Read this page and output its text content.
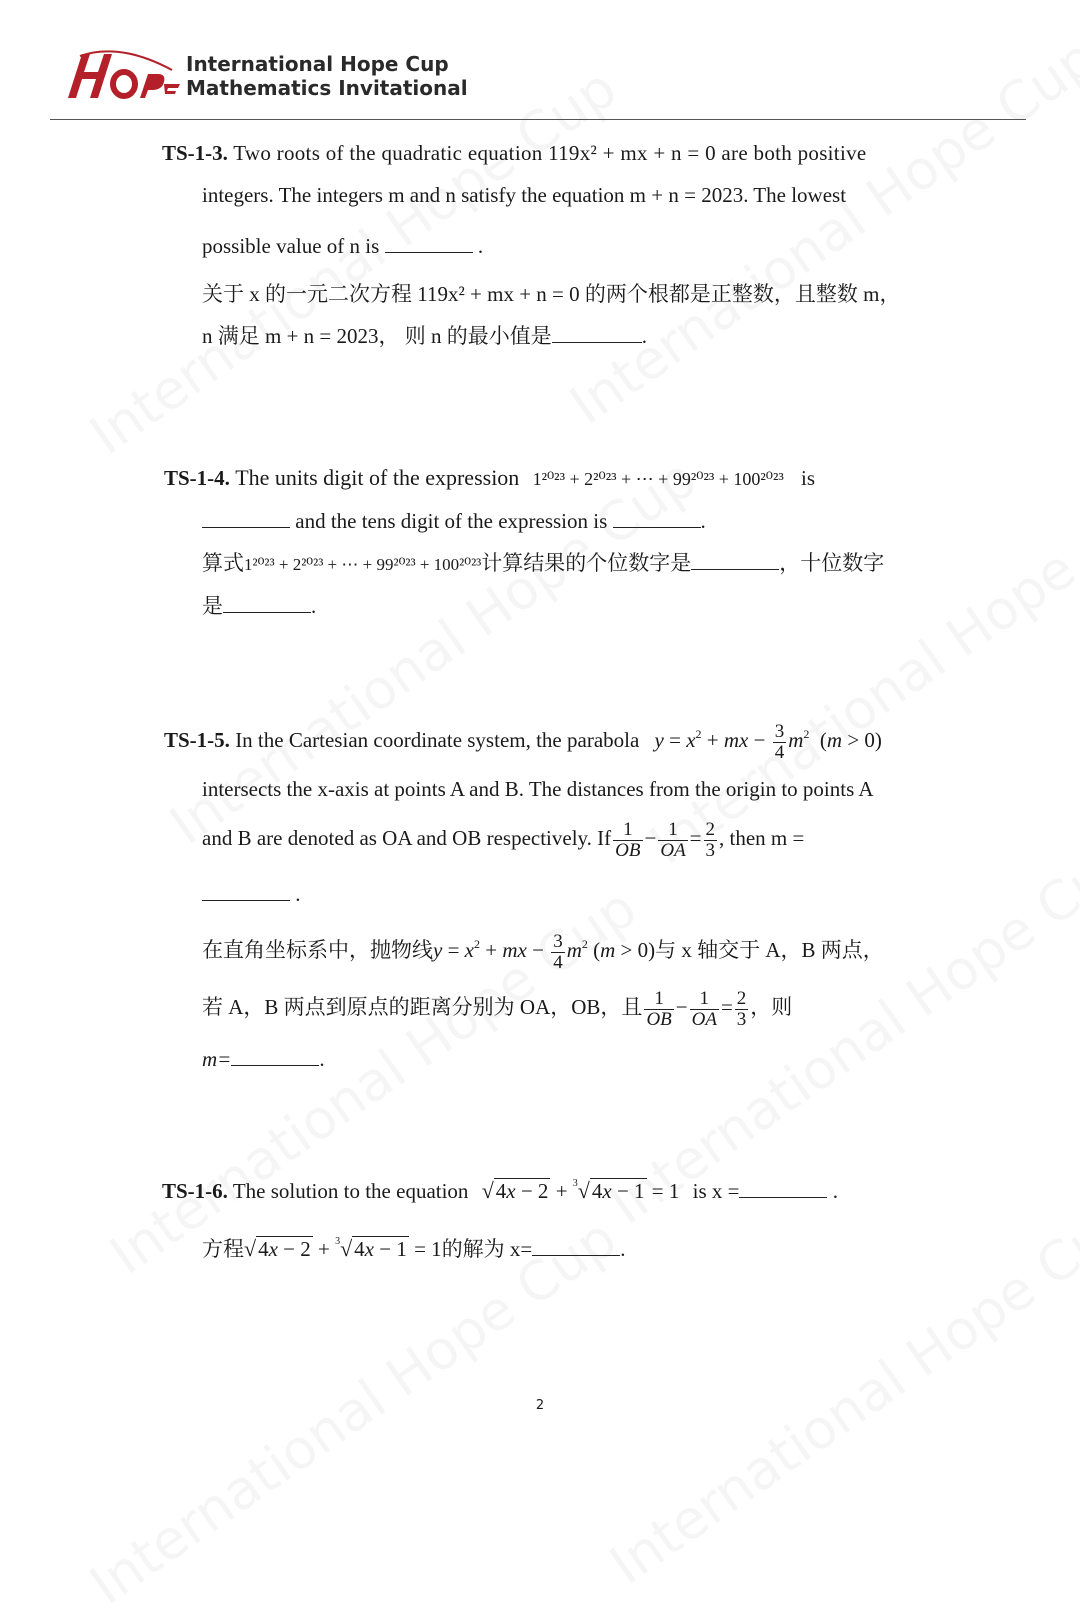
International Hope Cup
Mathematics Invitational
TS-1-3. Two roots of the quadratic equation 119x² + mx + n = 0 are both positive
integers. The integers m and n satisfy the equation m + n = 2023. The lowest
possible value of n is	.
关于 x 的一元二次方程 119x² + mx + n = 0 的两个根都是正整数，且整数 m，
n 满足 m + n = 2023， 则 n 的最小值是	.
TS-1-4. The units digit of the expression 1²⁰²³ + 2²⁰²³ + ⋯ + 99²⁰²³ + 100²⁰²³ is
and the tens digit of the expression is	.
算式1²⁰²³ + 2²⁰²³ + ⋯ + 99²⁰²³ + 100²⁰²³计算结果的个位数字是	，十位数字
是	.
TS-1-5. In the Cartesian coordinate system, the parabola $y = x^2$ + mx − $\frac{3}{4} m^2$  (m > 0)
intersects the x-axis at points A and B. The distances from the origin to points A
and B are denoted as OA and OB respectively. If $\frac{1}{OB} - \frac{1}{OA} = \frac{2}{3}$ , then m =
.
在直角坐标系中，抛物线$y = x^2$ + mx − $\frac{3}{4} m^2$ (m > 0)与 x 轴交于 A，B 两点，
若 A，B 两点到原点的距离分别为 OA，OB，且 $\frac{1}{OB} - \frac{1}{OA} = \frac{2}{3}$ ，则
m=	.
TS-1-6. The solution to the equation √4x − 2 + $^3$√4x − 1 = 1 is x =	.
方程√4x − 2 + $^3$√4x − 1 = 1的解为 x=	.
2
